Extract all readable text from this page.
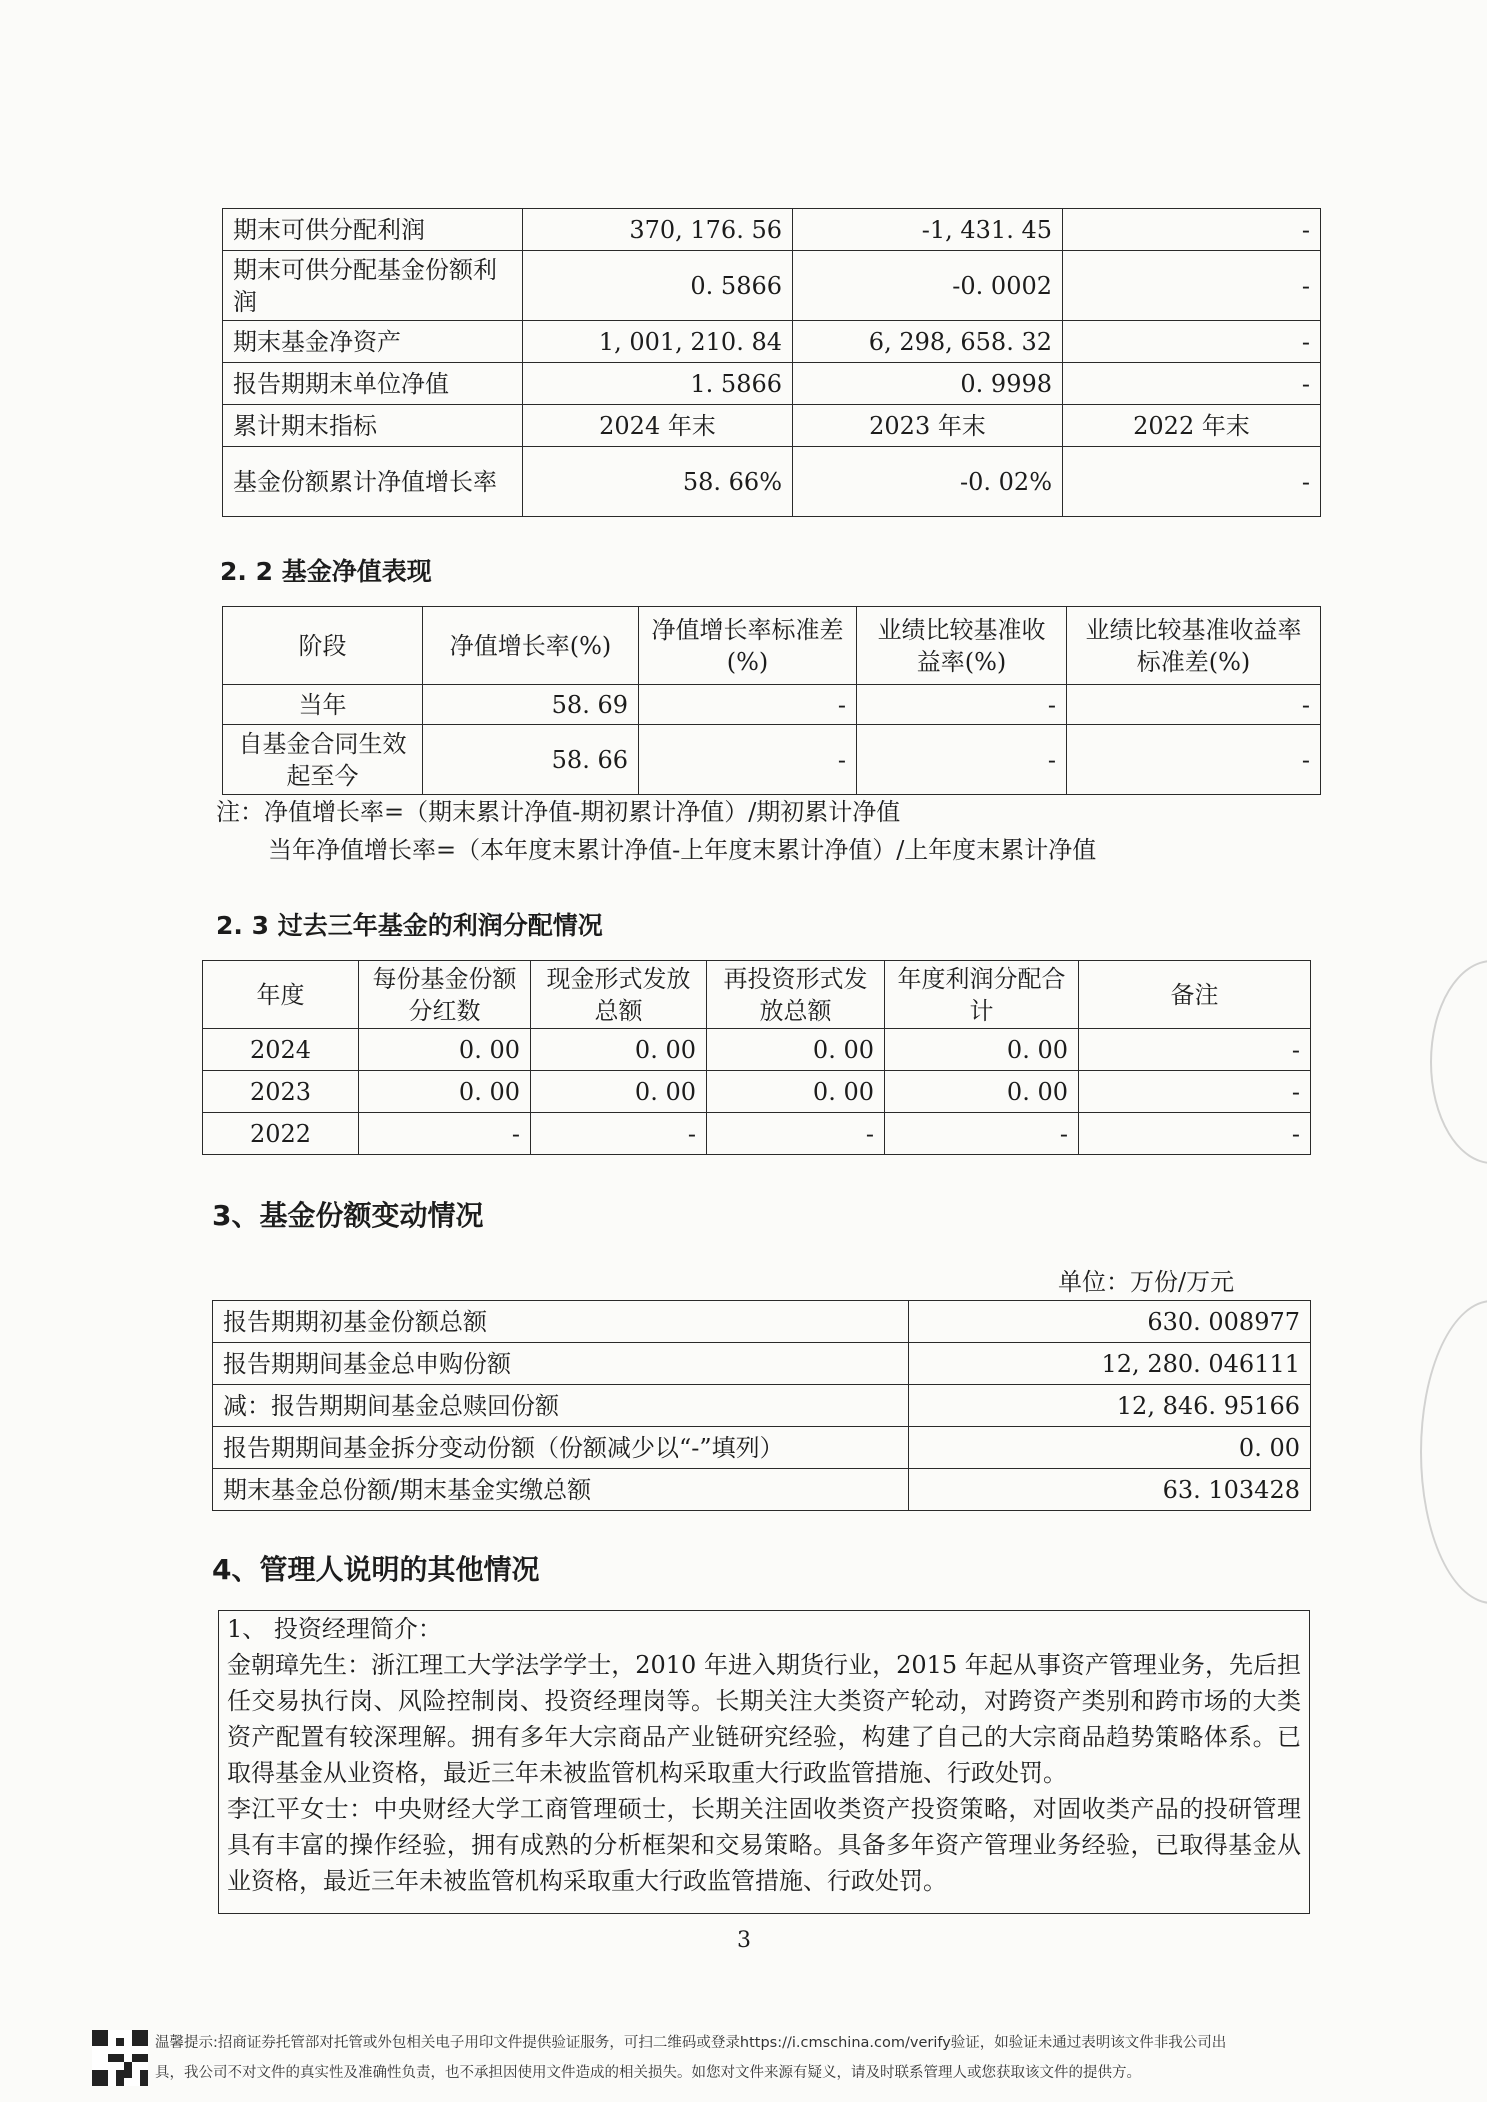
期末可供分配利润	370, 176. 56	-1, 431. 45	-
期末可供分配基金份额利润	0. 5866	-0. 0002	-
期末基金净资产	1, 001, 210. 84	6, 298, 658. 32	-
报告期期末单位净值	1. 5866	0. 9998	-
累计期末指标	2024 年末	2023 年末	2022 年末
基金份额累计净值增长率	58. 66%	-0. 02%	-
2. 2 基金净值表现
阶段	净值增长率(%)	净值增长率标准差(%)	业绩比较基准收益率(%)	业绩比较基准收益率标准差(%)
当年	58. 69	-	-	-
自基金合同生效起至今	58. 66	-	-	-
注：净值增长率=（期末累计净值-期初累计净值）/期初累计净值
当年净值增长率=（本年度末累计净值-上年度末累计净值）/上年度末累计净值
2. 3 过去三年基金的利润分配情况
年度	每份基金份额分红数	现金形式发放总额	再投资形式发放总额	年度利润分配合计	备注
2024	0. 00	0. 00	0. 00	0. 00	-
2023	0. 00	0. 00	0. 00	0. 00	-
2022	-	-	-	-	-
3、基金份额变动情况
单位：万份/万元
报告期期初基金份额总额	630. 008977
报告期期间基金总申购份额	12, 280. 046111
减：报告期期间基金总赎回份额	12, 846. 95166
报告期期间基金拆分变动份额（份额减少以“-”填列）	0. 00
期末基金总份额/期末基金实缴总额	63. 103428
4、管理人说明的其他情况

1、 投资经理简介：

金朝璋先生：浙江理工大学法学学士，2010 年进入期货行业，2015 年起从事资产管理业务，先后担任交易执行岗、风险控制岗、投资经理岗等。长期关注大类资产轮动，对跨资产类别和跨市场的大类资产配置有较深理解。拥有多年大宗商品产业链研究经验，构建了自己的大宗商品趋势策略体系。已取得基金从业资格，最近三年未被监管机构采取重大行政监管措施、行政处罚。

李江平女士：中央财经大学工商管理硕士，长期关注固收类资产投资策略，对固收类产品的投研管理具有丰富的操作经验，拥有成熟的分析框架和交易策略。具备多年资产管理业务经验，已取得基金从业资格，最近三年未被监管机构采取重大行政监管措施、行政处罚。

3
温馨提示:招商证券托管部对托管或外包相关电子用印文件提供验证服务，可扫二维码或登录https://i.cmschina.com/verify验证，如验证未通过表明该文件非我公司出
具，我公司不对文件的真实性及准确性负责，也不承担因使用文件造成的相关损失。如您对文件来源有疑义，请及时联系管理人或您获取该文件的提供方。
